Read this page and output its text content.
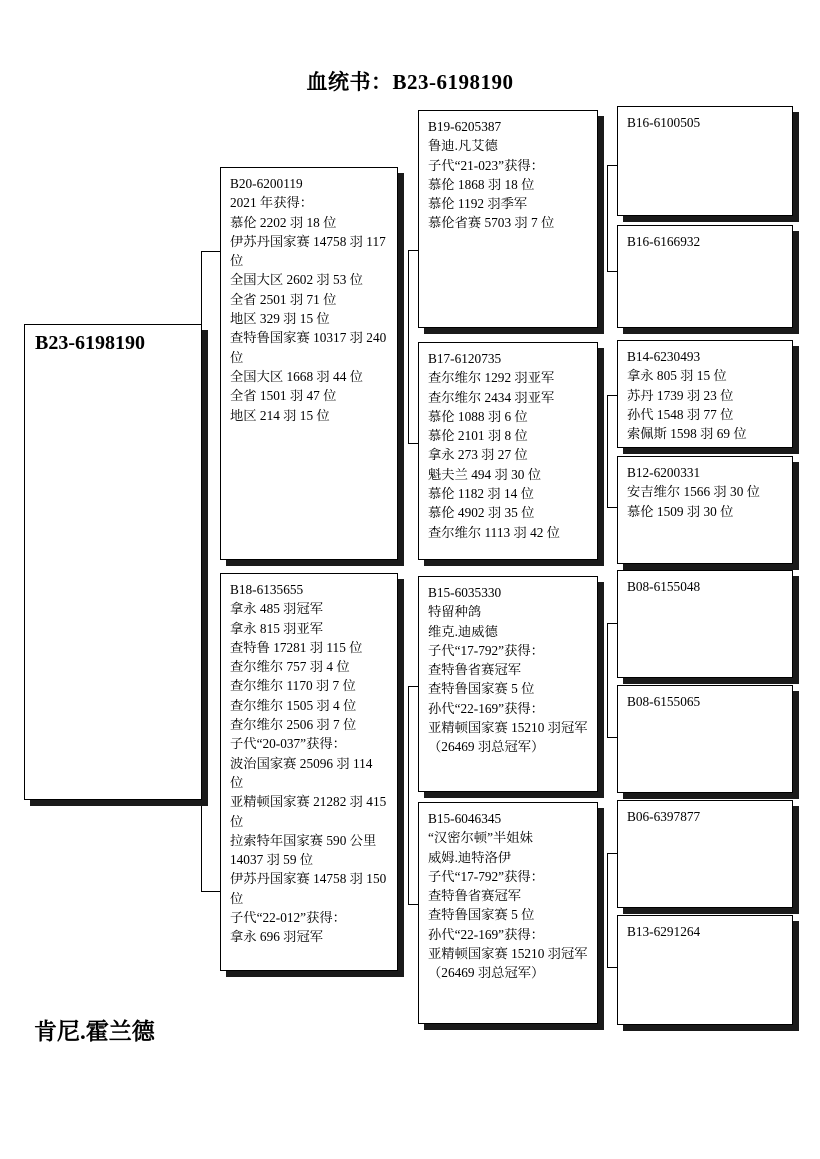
血统书：B23-6198190
B23-6198190
B20-6200119
2021 年获得：
慕伦 2202 羽 18 位
伊苏丹国家赛 14758 羽 117 位
全国大区 2602 羽 53 位
全省 2501 羽 71 位
地区 329 羽 15 位
查特鲁国家赛 10317 羽 240 位
全国大区 1668 羽 44 位
全省 1501 羽 47 位
地区 214 羽 15 位
B18-6135655
拿永 485 羽冠军
拿永 815 羽亚军
查特鲁 17281 羽 115 位
查尔维尔 757 羽 4 位
查尔维尔 1170 羽 7 位
查尔维尔 1505 羽 4 位
查尔维尔 2506 羽 7 位
子代“20-037”获得：
波治国家赛 25096 羽 114 位
亚精顿国家赛 21282 羽 415 位
拉索特年国家赛 590 公里 14037 羽 59 位
伊苏丹国家赛 14758 羽 150 位
子代“22-012”获得：
拿永 696 羽冠军
B19-6205387
鲁迪.凡艾德
子代“21-023”获得：
慕伦 1868 羽 18 位
慕伦 1192 羽季军
慕伦省赛 5703 羽 7 位
B17-6120735
查尔维尔 1292 羽亚军
查尔维尔 2434 羽亚军
慕伦 1088 羽 6 位
慕伦 2101 羽 8 位
拿永 273 羽 27 位
魁夫兰 494 羽 30 位
慕伦 1182 羽 14 位
慕伦 4902 羽 35 位
查尔维尔 1113 羽 42 位
B15-6035330
特留种鸽
维克.迪威德
子代“17-792”获得：
查特鲁省赛冠军
查特鲁国家赛 5 位
孙代“22-169”获得：
亚精顿国家赛 15210 羽冠军（26469 羽总冠军）
B15-6046345
“汉密尔顿”半姐妹
威姆.迪特洛伊
子代“17-792”获得：
查特鲁省赛冠军
查特鲁国家赛 5 位
孙代“22-169”获得：
亚精顿国家赛 15210 羽冠军（26469 羽总冠军）
B16-6100505
B16-6166932
B14-6230493
拿永 805 羽 15 位
苏丹 1739 羽 23 位
孙代 1548 羽 77 位
索佩斯 1598 羽 69 位
B12-6200331
安吉维尔 1566 羽 30 位
慕伦 1509 羽 30 位
B08-6155048
B08-6155065
B06-6397877
B13-6291264
肯尼.霍兰德
